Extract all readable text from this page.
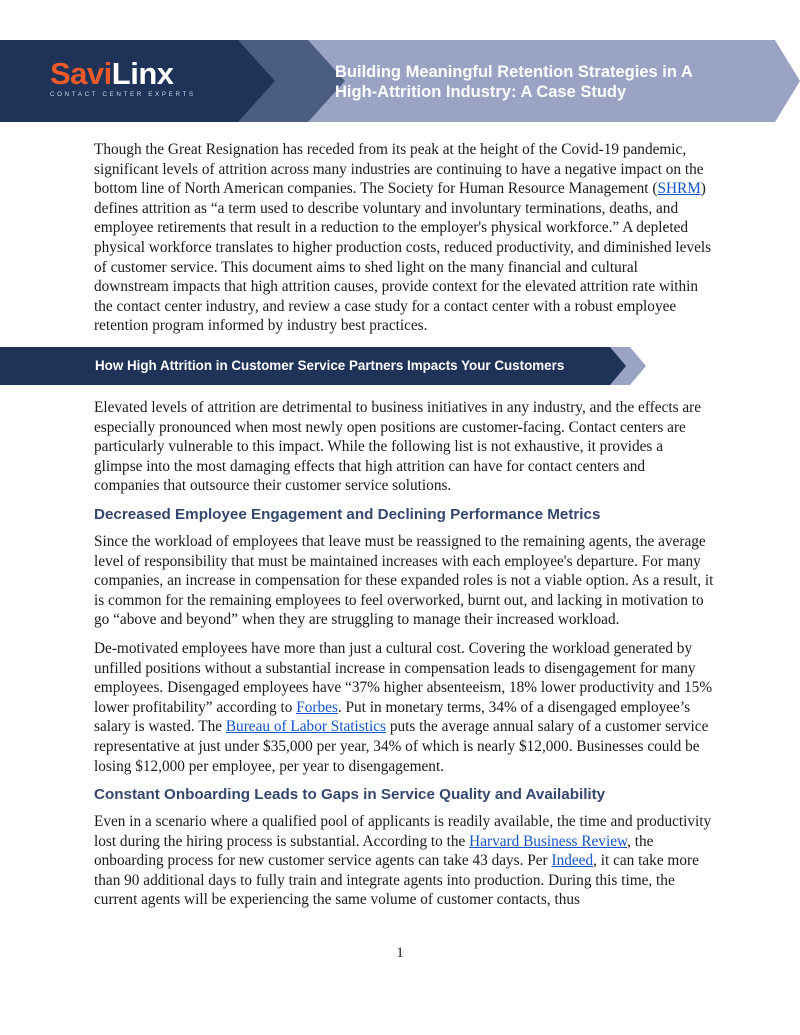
SaviLinx
CONTACT CENTER EXPERTS
Building Meaningful Retention Strategies in A
High-Attrition Industry: A Case Study

Though the Great Resignation has receded from its peak at the height of the Covid-19 pandemic, significant levels of attrition across many industries are continuing to have a negative impact on the bottom line of North American companies. The Society for Human Resource Management (SHRM) defines attrition as “a term used to describe voluntary and involuntary terminations, deaths, and employee retirements that result in a reduction to the employer's physical workforce.” A depleted physical workforce translates to higher production costs, reduced productivity, and diminished levels of customer service. This document aims to shed light on the many financial and cultural downstream impacts that high attrition causes, provide context for the elevated attrition rate within the contact center industry, and review a case study for a contact center with a robust employee retention program informed by industry best practices.

How High Attrition in Customer Service Partners Impacts Your Customers

Elevated levels of attrition are detrimental to business initiatives in any industry, and the effects are especially pronounced when most newly open positions are customer-facing. Contact centers are particularly vulnerable to this impact. While the following list is not exhaustive, it provides a glimpse into the most damaging effects that high attrition can have for contact centers and companies that outsource their customer service solutions.

Decreased Employee Engagement and Declining Performance Metrics

Since the workload of employees that leave must be reassigned to the remaining agents, the average level of responsibility that must be maintained increases with each employee's departure. For many companies, an increase in compensation for these expanded roles is not a viable option. As a result, it is common for the remaining employees to feel overworked, burnt out, and lacking in motivation to go “above and beyond” when they are struggling to manage their increased workload.

De-motivated employees have more than just a cultural cost. Covering the workload generated by unfilled positions without a substantial increase in compensation leads to disengagement for many employees. Disengaged employees have “37% higher absenteeism, 18% lower productivity and 15% lower profitability” according to Forbes. Put in monetary terms, 34% of a disengaged employee’s salary is wasted. The Bureau of Labor Statistics puts the average annual salary of a customer service representative at just under $35,000 per year, 34% of which is nearly $12,000. Businesses could be losing $12,000 per employee, per year to disengagement.

Constant Onboarding Leads to Gaps in Service Quality and Availability

Even in a scenario where a qualified pool of applicants is readily available, the time and productivity lost during the hiring process is substantial. According to the Harvard Business Review, the onboarding process for new customer service agents can take 43 days. Per Indeed, it can take more than 90 additional days to fully train and integrate agents into production. During this time, the current agents will be experiencing the same volume of customer contacts, thus

1
